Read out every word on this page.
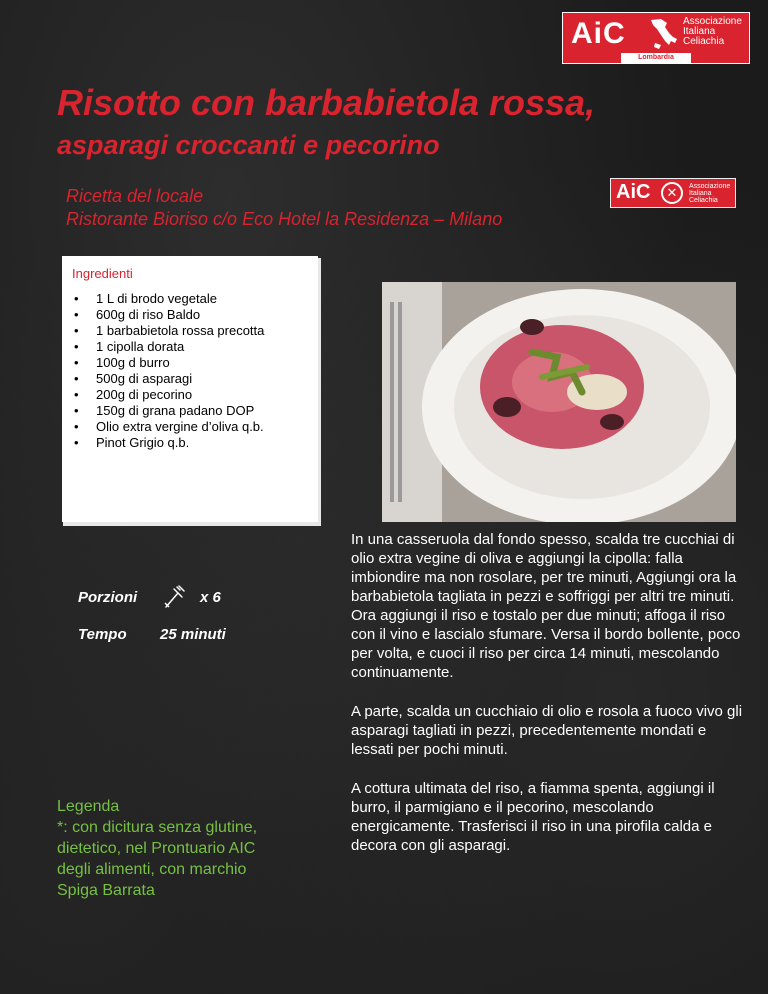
AiC	Associazione
Italiana
Celiachia
Lombardia
Risotto con barbabietola rossa,
asparagi croccanti e pecorino
Ricetta del locale
Ristorante Bioriso c/o Eco Hotel la Residenza – Milano
AiC	✕	Associazione
Italiana
Celiachia
Ingredienti
• 1 L di brodo vegetale
• 600g di riso Baldo
• 1 barbabietola rossa precotta
• 1 cipolla dorata
• 100g d burro
• 500g di asparagi
• 200g di pecorino
• 150g di grana padano DOP
• Olio extra vergine d’oliva q.b.
• Pinot Grigio q.b.
Porzioni	x 6
Tempo 25 minuti
Legenda
*: con dicitura senza glutine, dietetico, nel Prontuario AIC degli alimenti, con marchio Spiga Barrata

In una casseruola dal fondo spesso, scalda tre cucchiai di olio extra vegine di oliva e aggiungi la cipolla: falla imbiondire ma non rosolare, per tre minuti, Aggiungi ora la barbabietola tagliata in pezzi e soffriggi per altri tre minuti. Ora aggiungi il riso e tostalo per due minuti; affoga il riso con il vino e lascialo sfumare. Versa il bordo bollente, poco per volta, e cuoci il riso per circa 14 minuti, mescolando continuamente.

A parte, scalda un cucchiaio di olio e rosola a fuoco vivo gli asparagi tagliati in pezzi, precedentemente mondati e lessati per pochi minuti.

A cottura ultimata del riso, a fiamma spenta, aggiungi il burro, il parmigiano e il pecorino, mescolando energicamente. Trasferisci il riso in una pirofila calda e decora con gli asparagi.
